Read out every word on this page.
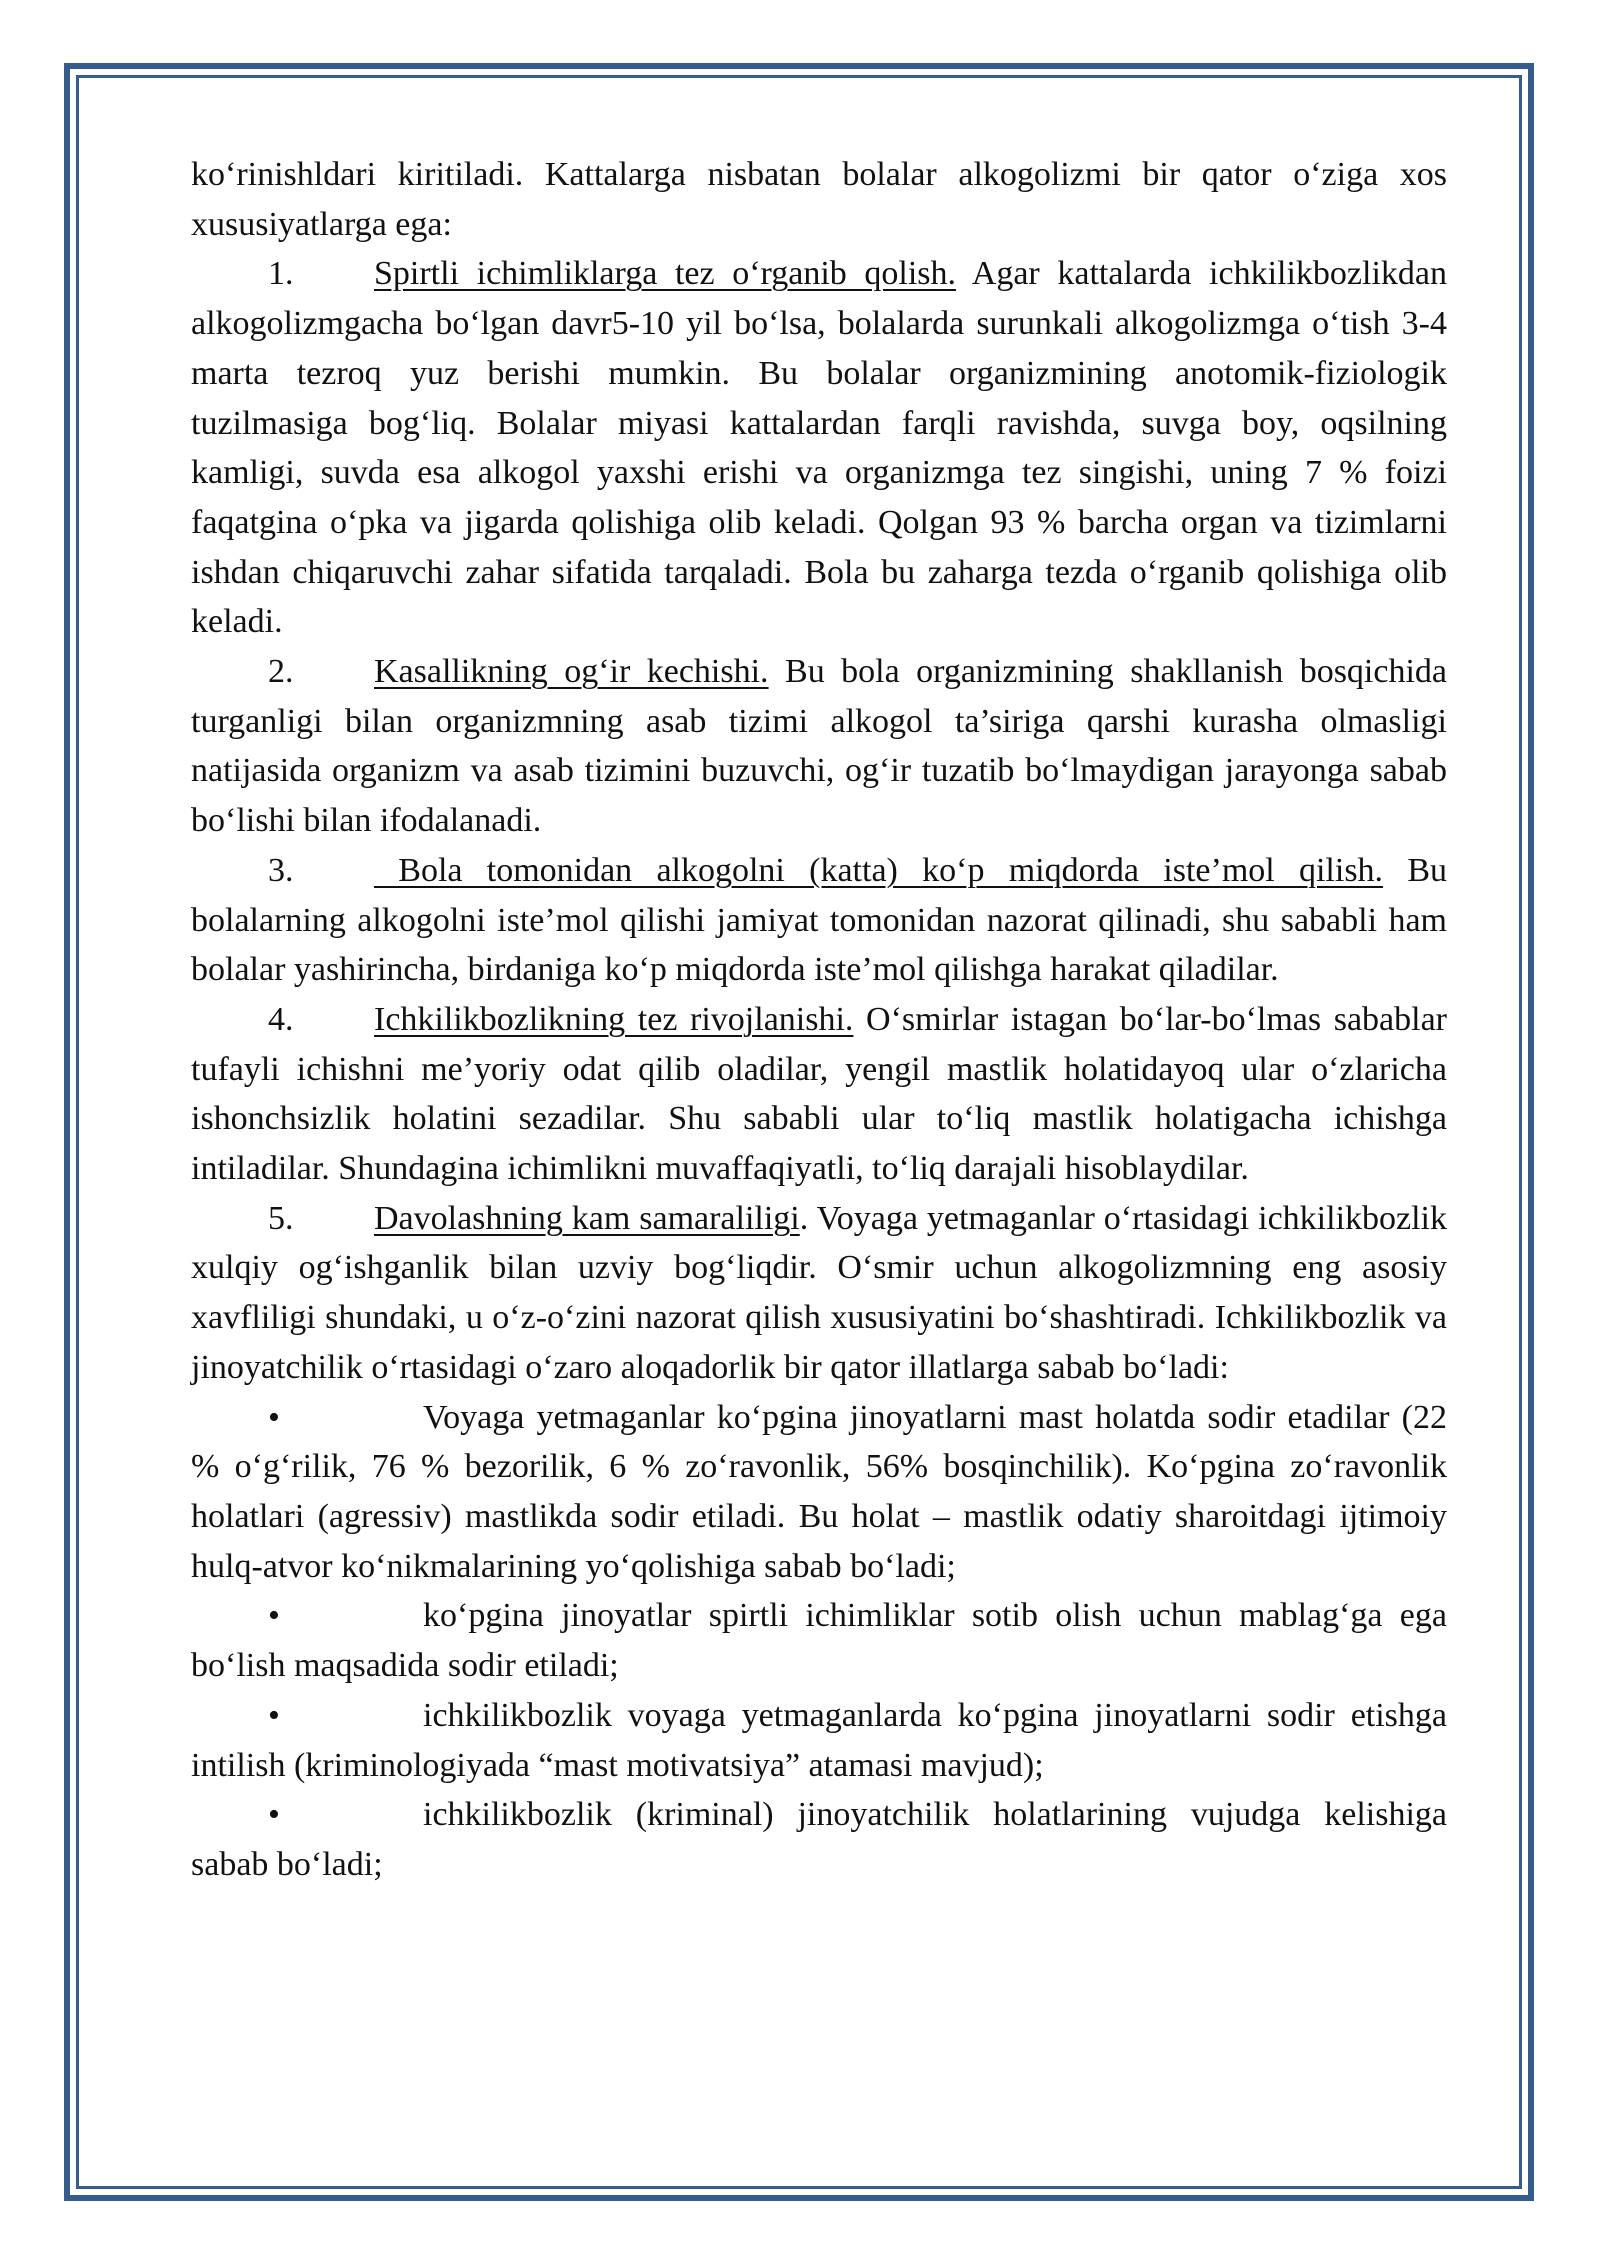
ko‘rinishldari kiritiladi. Kattalarga nisbatan bolalar alkogolizmi bir qator o‘ziga xos xususiyatlarga ega:

1. Spirtli ichimliklarga tez o‘rganib qolish. Agar kattalarda ichkilikbozlikdan alkogolizmgacha bo‘lgan davr5-10 yil bo‘lsa, bolalarda surunkali alkogolizmga o‘tish 3-4 marta tezroq yuz berishi mumkin. Bu bolalar organizmining anotomik-fiziologik tuzilmasiga bog‘liq. Bolalar miyasi kattalardan farqli ravishda, suvga boy, oqsilning kamligi, suvda esa alkogol yaxshi erishi va organizmga tez singishi, uning 7 % foizi faqatgina o‘pka va jigarda qolishiga olib keladi. Qolgan 93 % barcha organ va tizimlarni ishdan chiqaruvchi zahar sifatida tarqaladi. Bola bu zaharga tezda o‘rganib qolishiga olib keladi.

2. Kasallikning og‘ir kechishi. Bu bola organizmining shakllanish bosqichida turganligi bilan organizmning asab tizimi alkogol ta’siriga qarshi kurasha olmasligi natijasida organizm va asab tizimini buzuvchi, og‘ir tuzatib bo‘lmaydigan jarayonga sabab bo‘lishi bilan ifodalanadi.

3. Bola tomonidan alkogolni (katta) ko‘p miqdorda iste’mol qilish. Bu bolalarning alkogolni iste’mol qilishi jamiyat tomonidan nazorat qilinadi, shu sababli ham bolalar yashirincha, birdaniga ko‘p miqdorda iste’mol qilishga harakat qiladilar.

4. Ichkilikbozlikning tez rivojlanishi. O‘smirlar istagan bo‘lar-bo‘lmas sabablar tufayli ichishni me’yoriy odat qilib oladilar, yengil mastlik holatidayoq ular o‘zlaricha ishonchsizlik holatini sezadilar. Shu sababli ular to‘liq mastlik holatigacha ichishga intiladilar. Shundagina ichimlikni muvaffaqiyatli, to‘liq darajali hisoblaydilar.

5. Davolashning kam samaraliligi. Voyaga yetmaganlar o‘rtasidagi ichkilikbozlik xulqiy og‘ishganlik bilan uzviy bog‘liqdir. O‘smir uchun alkogolizmning eng asosiy xavfliligi shundaki, u o‘z-o‘zini nazorat qilish xususiyatini bo‘shashtiradi. Ichkilikbozlik va jinoyatchilik o‘rtasidagi o‘zaro aloqadorlik bir qator illatlarga sabab bo‘ladi:

•	Voyaga yetmaganlar ko‘pgina jinoyatlarni mast holatda sodir etadilar (22 % o‘g‘rilik, 76 % bezorilik, 6 % zo‘ravonlik, 56% bosqinchilik). Ko‘pgina zo‘ravonlik holatlari (agressiv) mastlikda sodir etiladi. Bu holat – mastlik odatiy sharoitdagi ijtimoiy hulq-atvor ko‘nikmalarining yo‘qolishiga sabab bo‘ladi;

•	ko‘pgina jinoyatlar spirtli ichimliklar sotib olish uchun mablag‘ga ega bo‘lish maqsadida sodir etiladi;

•	ichkilikbozlik voyaga yetmaganlarda ko‘pgina jinoyatlarni sodir etishga intilish (kriminologiyada “mast motivatsiya” atamasi mavjud);

•	ichkilikbozlik (kriminal) jinoyatchilik holatlarining vujudga kelishiga sabab bo‘ladi;
